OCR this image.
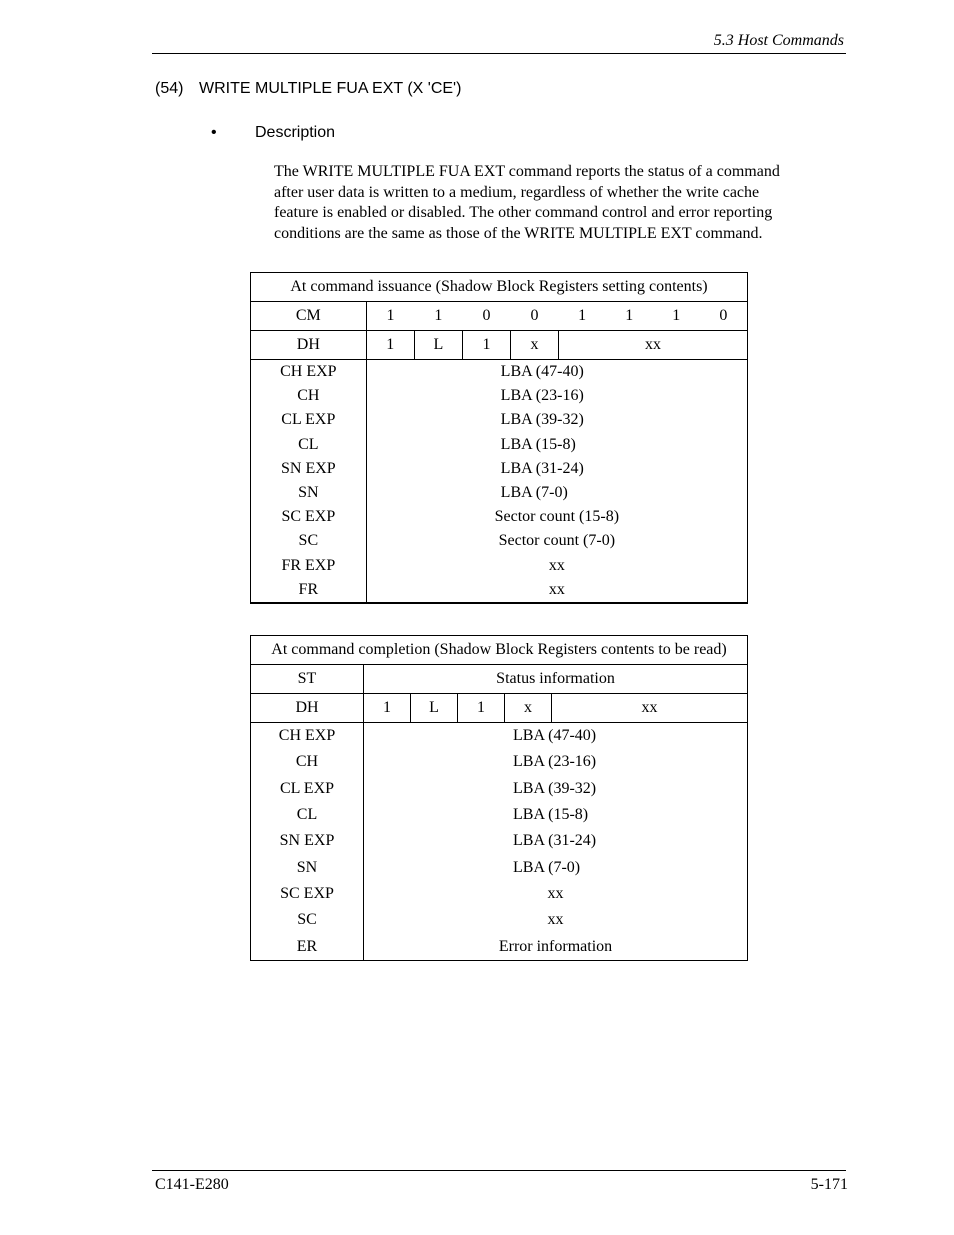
5.3 Host Commands
(54) WRITE MULTIPLE FUA EXT (X 'CE')
• Description
The WRITE MULTIPLE FUA EXT command reports the status of a command
after user data is written to a medium, regardless of whether the write cache
feature is enabled or disabled. The other command control and error reporting
conditions are the same as those of the WRITE MULTIPLE EXT command.
At command issuance (Shadow Block Registers setting contents)								
CM	1	1	0	0	1	1	1	0
DH	1	L	1	x	xx			
CH EXP	LBA (47-40)							
CH	LBA (23-16)							
CL EXP	LBA (39-32)							
CL	LBA (15-8)							
SN EXP	LBA (31-24)							
SN	LBA (7-0)							
SC EXP	Sector count (15-8)							
SC	Sector count (7-0)							
FR EXP	xx							
FR	xx							
At command completion (Shadow Block Registers contents to be read)					
ST	Status information				
DH	1	L	1	x	xx
CH EXP	LBA (47-40)				
CH	LBA (23-16)				
CL EXP	LBA (39-32)				
CL	LBA (15-8)				
SN EXP	LBA (31-24)				
SN	LBA (7-0)				
SC EXP	xx				
SC	xx				
ER	Error information				
C141-E280	5-171
